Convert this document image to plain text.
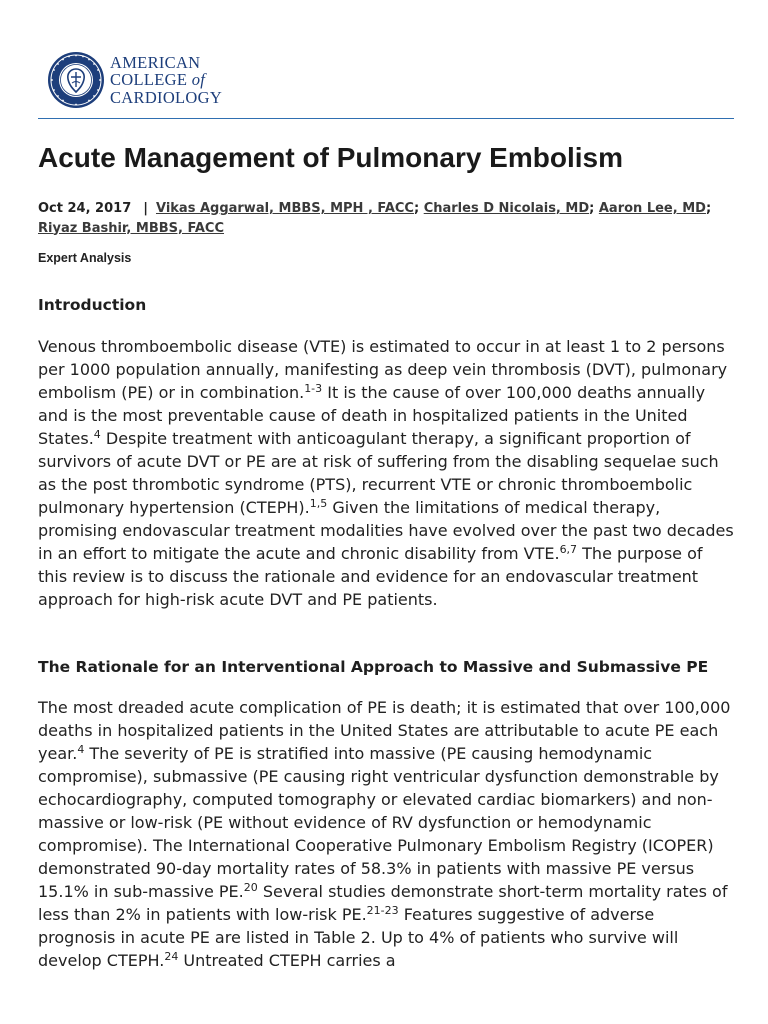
AMERICAN
COLLEGE of
CARDIOLOGY
Acute Management of Pulmonary Embolism
Oct 24, 2017 | Vikas Aggarwal, MBBS, MPH , FACC; Charles D Nicolais, MD; Aaron Lee, MD;
Riyaz Bashir, MBBS, FACC
Expert Analysis
Introduction

Venous thromboembolic disease (VTE) is estimated to occur in at least 1 to 2 persons per 1000 population annually, manifesting as deep vein thrombosis (DVT), pulmonary embolism (PE) or in combination.$^{1-3}$ It is the cause of over 100,000 deaths annually and is the most preventable cause of death in hospitalized patients in the United States.$^4$ Despite treatment with anticoagulant therapy, a significant proportion of survivors of acute DVT or PE are at risk of suffering from the disabling sequelae such as the post thrombotic syndrome (PTS), recurrent VTE or chronic thromboembolic pulmonary hypertension (CTEPH).$^{1,5}$ Given the limitations of medical therapy, promising endovascular treatment modalities have evolved over the past two decades in an effort to mitigate the acute and chronic disability from VTE.$^{6,7}$ The purpose of this review is to discuss the rationale and evidence for an endovascular treatment approach for high-risk acute DVT and PE patients.

The Rationale for an Interventional Approach to Massive and Submassive PE

The most dreaded acute complication of PE is death; it is estimated that over 100,000 deaths in hospitalized patients in the United States are attributable to acute PE each year.$^4$ The severity of PE is stratified into massive (PE causing hemodynamic compromise), submassive (PE causing right ventricular dysfunction demonstrable by echocardiography, computed tomography or elevated cardiac biomarkers) and non-massive or low-risk (PE without evidence of RV dysfunction or hemodynamic compromise). The International Cooperative Pulmonary Embolism Registry (ICOPER) demonstrated 90-day mortality rates of 58.3% in patients with massive PE versus 15.1% in sub-massive PE.$^{20}$ Several studies demonstrate short-term mortality rates of less than 2% in patients with low-risk PE.$^{21-23}$ Features suggestive of adverse prognosis in acute PE are listed in Table 2. Up to 4% of patients who survive will develop CTEPH.$^{24}$ Untreated CTEPH carries a
